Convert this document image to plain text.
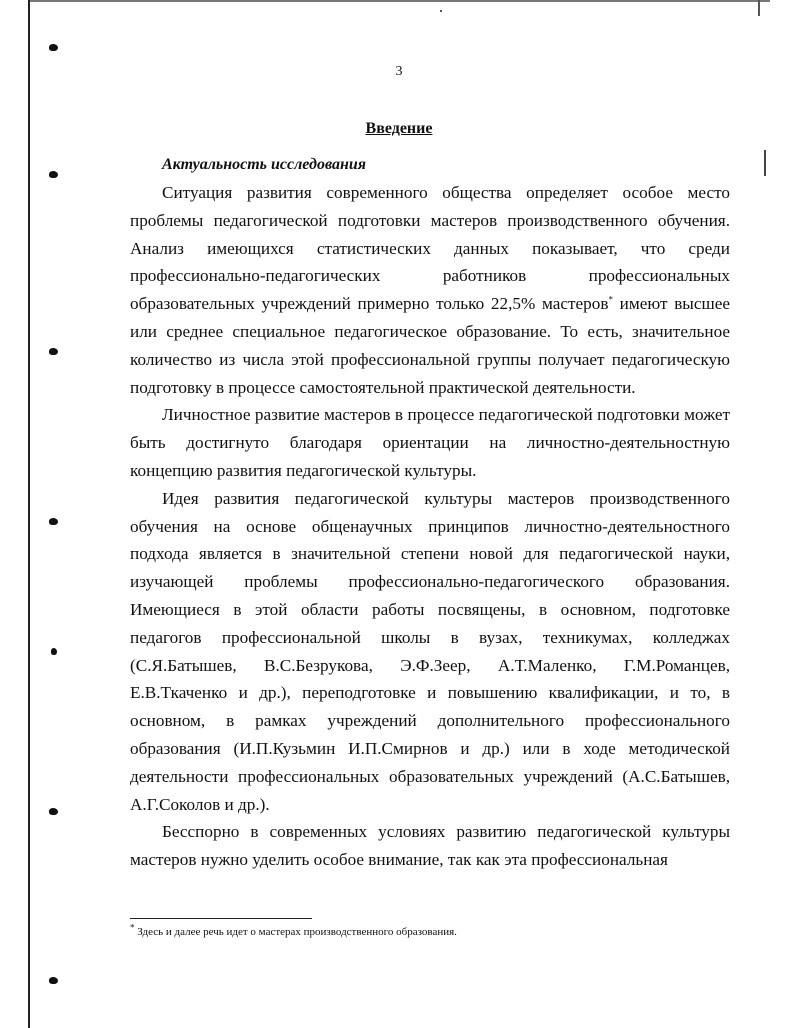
3
Введение
Актуальность исследования

Ситуация развития современного общества определяет особое место проблемы педагогической подготовки мастеров производственного обучения. Анализ имеющихся статистических данных показывает, что среди профессионально-педагогических работников профессиональных образовательных учреждений примерно только 22,5% мастеров* имеют высшее или среднее специальное педагогическое образование. То есть, значительное количество из числа этой профессиональной группы получает педагогическую подготовку в процессе самостоятельной практической деятельности.

Личностное развитие мастеров в процессе педагогической подготовки может быть достигнуто благодаря ориентации на личностно-деятельностную концепцию развития педагогической культуры.

Идея развития педагогической культуры мастеров производственного обучения на основе общенаучных принципов личностно-деятельностного подхода является в значительной степени новой для педагогической науки, изучающей проблемы профессионально-педагогического образования. Имеющиеся в этой области работы посвящены, в основном, подготовке педагогов профессиональной школы в вузах, техникумах, колледжах (С.Я.Батышев, В.С.Безрукова, Э.Ф.Зеер, А.Т.Маленко, Г.М.Романцев, Е.В.Ткаченко и др.), переподготовке и повышению квалификации, и то, в основном, в рамках учреждений дополнительного профессионального образования (И.П.Кузьмин И.П.Смирнов и др.) или в ходе методической деятельности профессиональных образовательных учреждений (А.С.Батышев, А.Г.Соколов и др.).

Бесспорно в современных условиях развитию педагогической культуры мастеров нужно уделить особое внимание, так как эта профессиональная

* Здесь и далее речь идет о мастерах производственного образования.
